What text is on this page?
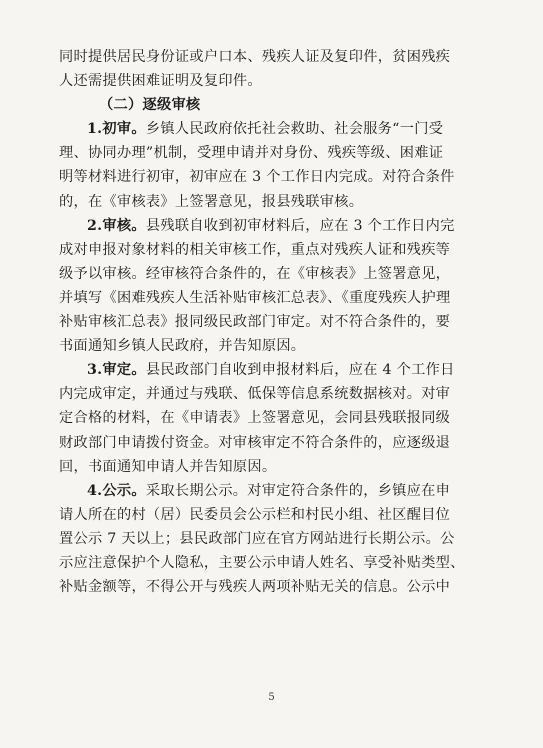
同时提供居民身份证或户口本、残疾人证及复印件，贫困残疾
人还需提供困难证明及复印件。
（二）逐级审核
1.初审。乡镇人民政府依托社会救助、社会服务“一门受
理、协同办理”机制，受理申请并对身份、残疾等级、困难证
明等材料进行初审，初审应在 3 个工作日内完成。对符合条件
的，在《审核表》上签署意见，报县残联审核。
2.审核。县残联自收到初审材料后，应在 3 个工作日内完
成对申报对象材料的相关审核工作，重点对残疾人证和残疾等
级予以审核。经审核符合条件的，在《审核表》上签署意见，
并填写《困难残疾人生活补贴审核汇总表》、《重度残疾人护理
补贴审核汇总表》报同级民政部门审定。对不符合条件的，要
书面通知乡镇人民政府，并告知原因。
3.审定。县民政部门自收到申报材料后，应在 4 个工作日
内完成审定，并通过与残联、低保等信息系统数据核对。对审
定合格的材料，在《申请表》上签署意见，会同县残联报同级
财政部门申请拨付资金。对审核审定不符合条件的，应逐级退
回，书面通知申请人并告知原因。
4.公示。采取长期公示。对审定符合条件的，乡镇应在申
请人所在的村（居）民委员会公示栏和村民小组、社区醒目位
置公示 7 天以上；县民政部门应在官方网站进行长期公示。公
示应注意保护个人隐私，主要公示申请人姓名、享受补贴类型、
补贴金额等，不得公开与残疾人两项补贴无关的信息。公示中
5
